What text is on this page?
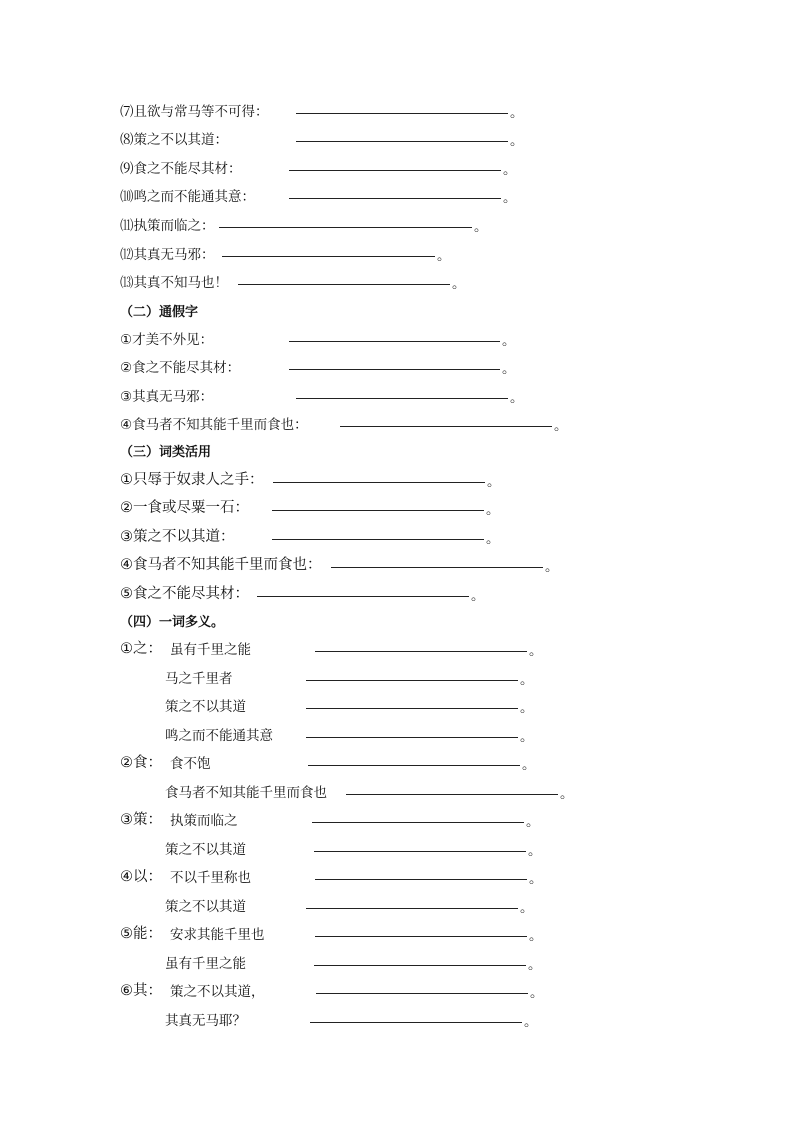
⑺且欲与常马等不可得：	。
⑻策之不以其道：	。
⑼食之不能尽其材：	。
⑽鸣之而不能通其意：	。
⑾执策而临之：	。
⑿其真无马邪：	。
⒀其真不知马也！	。
（二）通假字
①才美不外见：	。
②食之不能尽其材：	。
③其真无马邪：	。
④食马者不知其能千里而食也：	。
（三）词类活用
①只辱于奴隶人之手：	。
②一食或尽粟一石：	。
③策之不以其道：	。
④食马者不知其能千里而食也：	。
⑤食之不能尽其材：	。
（四）一词多义。
①之： 虽有千里之能	。
马之千里者	。
策之不以其道	。
鸣之而不能通其意	。
②食： 食不饱	。
食马者不知其能千里而食也	。
③策： 执策而临之	。
策之不以其道	。
④以： 不以千里称也	。
策之不以其道	。
⑤能： 安求其能千里也	。
虽有千里之能	。
⑥其： 策之不以其道，	。
其真无马耶？	。
